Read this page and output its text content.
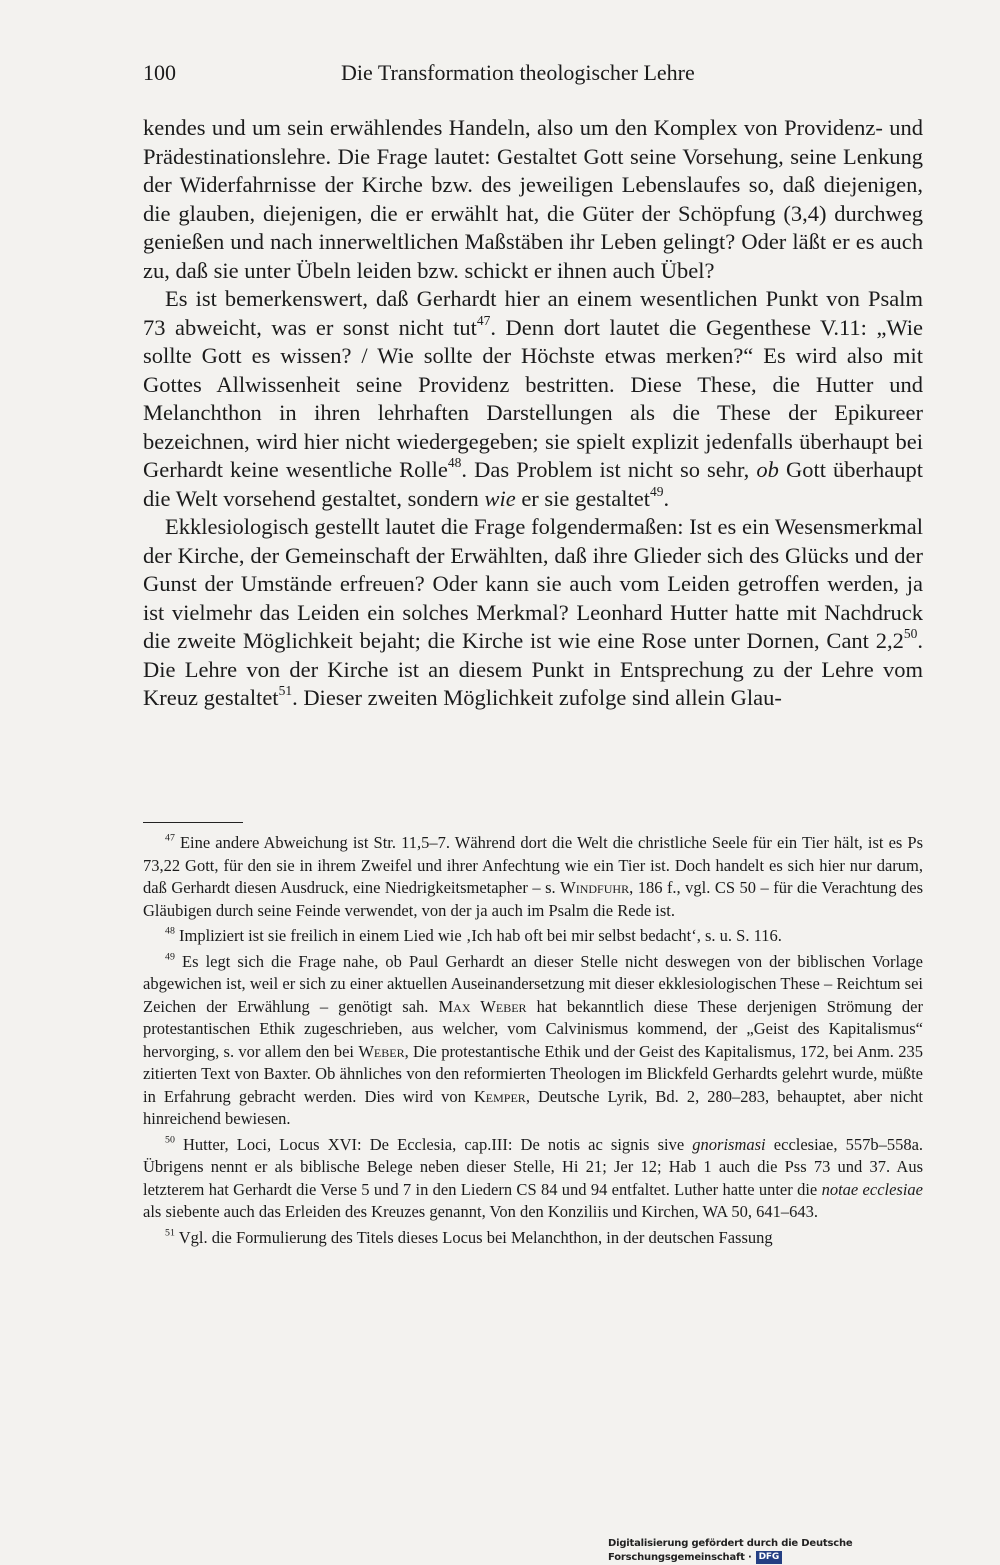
100	Die Transformation theologischer Lehre

kendes und um sein erwählendes Handeln, also um den Komplex von Providenz- und Prädestinationslehre. Die Frage lautet: Gestaltet Gott seine Vorsehung, seine Lenkung der Widerfahrnisse der Kirche bzw. des jeweiligen Lebenslaufes so, daß diejenigen, die glauben, diejenigen, die er erwählt hat, die Güter der Schöpfung (3,4) durchweg genießen und nach innerweltlichen Maßstäben ihr Leben gelingt? Oder läßt er es auch zu, daß sie unter Übeln leiden bzw. schickt er ihnen auch Übel?

Es ist bemerkenswert, daß Gerhardt hier an einem wesentlichen Punkt von Psalm 73 abweicht, was er sonst nicht tut$^{47}$. Denn dort lautet die Gegenthese V.11: „Wie sollte Gott es wissen? / Wie sollte der Höchste etwas merken?“ Es wird also mit Gottes Allwissenheit seine Providenz bestritten. Diese These, die Hutter und Melanchthon in ihren lehrhaften Darstellungen als die These der Epikureer bezeichnen, wird hier nicht wiedergegeben; sie spielt explizit jedenfalls überhaupt bei Gerhardt keine wesentliche Rolle$^{48}$. Das Problem ist nicht so sehr, ob Gott überhaupt die Welt vorsehend gestaltet, sondern wie er sie gestaltet$^{49}$.

Ekklesiologisch gestellt lautet die Frage folgendermaßen: Ist es ein Wesensmerkmal der Kirche, der Gemeinschaft der Erwählten, daß ihre Glieder sich des Glücks und der Gunst der Umstände erfreuen? Oder kann sie auch vom Leiden getroffen werden, ja ist vielmehr das Leiden ein solches Merkmal? Leonhard Hutter hatte mit Nachdruck die zweite Möglichkeit bejaht; die Kirche ist wie eine Rose unter Dornen, Cant $2,2^{50}$. Die Lehre von der Kirche ist an diesem Punkt in Entsprechung zu der Lehre vom Kreuz gestaltet$^{51}$. Dieser zweiten Möglichkeit zufolge sind allein Glau-

$^{47}$ Eine andere Abweichung ist Str. 11,5–7. Während dort die Welt die christliche Seele für ein Tier hält, ist es Ps 73,22 Gott, für den sie in ihrem Zweifel und ihrer Anfechtung wie ein Tier ist. Doch handelt es sich hier nur darum, daß Gerhardt diesen Ausdruck, eine Niedrigkeitsmetapher – s. Windfuhr, 186 f., vgl. CS 50 – für die Verachtung des Gläubigen durch seine Feinde verwendet, von der ja auch im Psalm die Rede ist.

$^{48}$ Impliziert ist sie freilich in einem Lied wie ‚Ich hab oft bei mir selbst bedacht‘, s. u. S. 116.

$^{49}$ Es legt sich die Frage nahe, ob Paul Gerhardt an dieser Stelle nicht deswegen von der biblischen Vorlage abgewichen ist, weil er sich zu einer aktuellen Auseinandersetzung mit dieser ekklesiologischen These – Reichtum sei Zeichen der Erwählung – genötigt sah. Max Weber hat bekanntlich diese These derjenigen Strömung der protestantischen Ethik zugeschrieben, aus welcher, vom Calvinismus kommend, der „Geist des Kapitalismus“ hervorging, s. vor allem den bei Weber, Die protestantische Ethik und der Geist des Kapitalismus, 172, bei Anm. 235 zitierten Text von Baxter. Ob ähnliches von den reformierten Theologen im Blickfeld Gerhardts gelehrt wurde, müßte in Erfahrung gebracht werden. Dies wird von Kemper, Deutsche Lyrik, Bd. 2, 280–283, behauptet, aber nicht hinreichend bewiesen.

$^{50}$ Hutter, Loci, Locus XVI: De Ecclesia, cap.III: De notis ac signis sive gnorismasi ecclesiae, 557b–558a. Übrigens nennt er als biblische Belege neben dieser Stelle, Hi 21; Jer 12; Hab 1 auch die Pss 73 und 37. Aus letzterem hat Gerhardt die Verse 5 und 7 in den Liedern CS 84 und 94 entfaltet. Luther hatte unter die notae ecclesiae als siebente auch das Erleiden des Kreuzes genannt, Von den Konziliis und Kirchen, WA 50, 641–643.

$^{51}$ Vgl. die Formulierung des Titels dieses Locus bei Melanchthon, in der deutschen Fassung

Digitalisierung gefördert durch die Deutsche Forschungsgemeinschaft · DFG
